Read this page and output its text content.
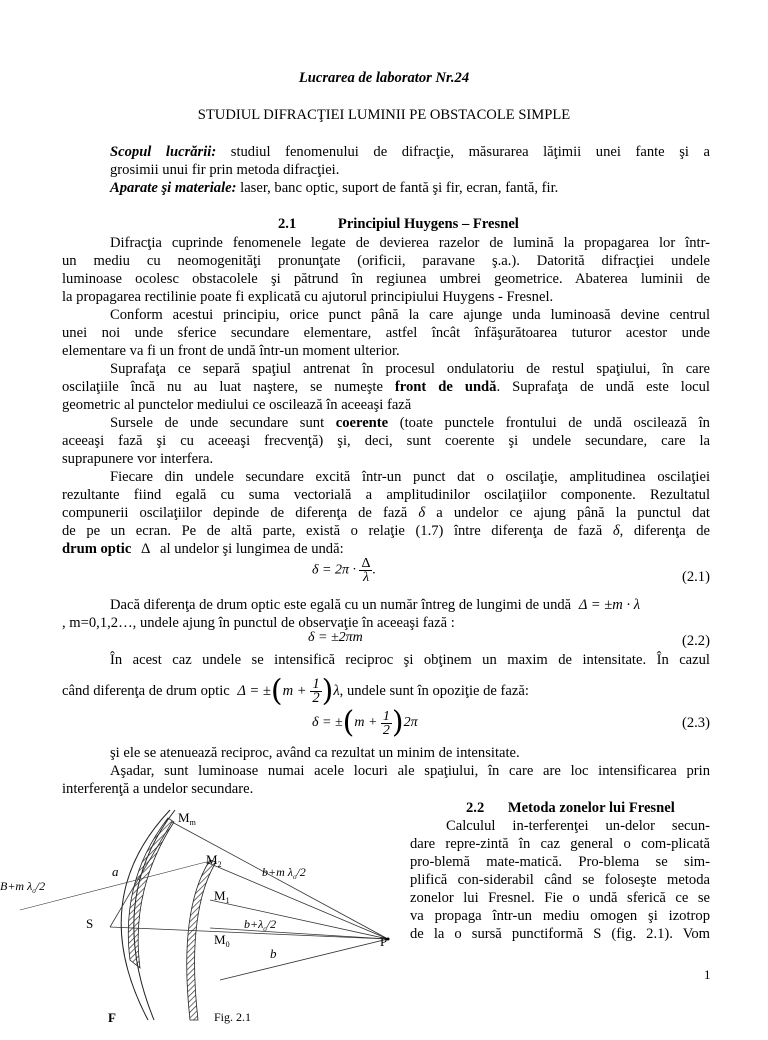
Lucrarea de laborator Nr.24
STUDIUL DIFRACŢIEI LUMINII PE OBSTACOLE SIMPLE
Scopul lucrării: studiul fenomenului de difracţie, măsurarea lăţimii unei fante şi a
grosimii unui fir prin metoda difracţiei.
Aparate şi materiale: laser, banc optic, suport de fantă şi fir, ecran, fantă, fir.
2.1	Principiul Huygens – Fresnel
Difracţia cuprinde fenomenele legate de devierea razelor de lumină la propagarea lor într-
un mediu cu neomogenităţi pronunţate (orificii, paravane ş.a.). Datorită difracţiei undele
luminoase ocolesc obstacolele şi pătrund în regiunea umbrei geometrice. Abaterea luminii de
la propagarea rectilinie poate fi explicată cu ajutorul principiului Huygens - Fresnel.
Conform acestui principiu, orice punct până la care ajunge unda luminoasă devine centrul
unei noi unde sferice secundare elementare, astfel încât înfăşurătoarea tuturor acestor unde
elementare va fi un front de undă într-un moment ulterior.
Suprafaţa ce separă spaţiul antrenat în procesul ondulatoriu de restul spaţiului, în care
oscilaţiile încă nu au luat naştere, se numeşte front de undă. Suprafaţa de undă este locul
geometric al punctelor mediului ce oscilează în aceeaşi fază
Sursele de unde secundare sunt coerente (toate punctele frontului de undă oscilează în
aceeaşi fază şi cu aceeaşi frecvenţă) şi, deci, sunt coerente şi undele secundare, care la
suprapunere vor interfera.
Fiecare din undele secundare excită într-un punct dat o oscilaţie, amplitudinea oscilaţiei
rezultante fiind egală cu suma vectorială a amplitudinilor oscilaţiilor componente. Rezultatul
compunerii oscilaţiilor depinde de diferenţa de fază δ a undelor ce ajung până la punctul dat
de pe un ecran. Pe de altă parte, există o relaţie (1.7) între diferenţa de fază δ, diferenţa de
drum optic Δ al undelor şi lungimea de undă:
$\delta = 2\pi \cdot \frac{\Delta}{\lambda}$ .	(2.1)
Dacă diferenţa de drum optic este egală cu un număr întreg de lungimi de undă Δ = ±m · λ
, m=0,1,2…, undele ajung în punctul de observaţie în aceeaşi fază :
δ = ±2πm	(2.2)
În acest caz undele se intensifică reciproc şi obţinem un maxim de intensitate. În cazul
când diferenţa de drum optic $\Delta = \pm(m + \frac{1}{2} )\lambda$, undele sunt în opoziţie de fază:
$\delta = \pm(m + \frac{1}{2} )2\pi$	(2.3)
şi ele se atenuează reciproc, având ca rezultat un minim de intensitate.
Aşadar, sunt luminoase numai acele locuri ale spaţiului, în care are loc intensificarea prin
interferenţă a undelor secundare.
2.2 Metoda zonelor lui Fresnel
Calculul in-terferenţei un-delor secun-
dare repre-zintă în caz general o com-plicată
pro-blemă mate-matică. Pro-blema se sim-
plifică con-siderabil când se foloseşte metoda
zonelor lui Fresnel. Fie o undă sferică ce se
va propaga într-un mediu omogen şi izotrop
de la o sursă punctiformă S (fig. 2.1). Vom
$M_m$
$M_2$
$M_1$
$M_0$
S
P
F
a
b
b+m $\lambda_o/2$
$b+\lambda_o/2$
B+m $\lambda_o/2$
Fig. 2.1
1
